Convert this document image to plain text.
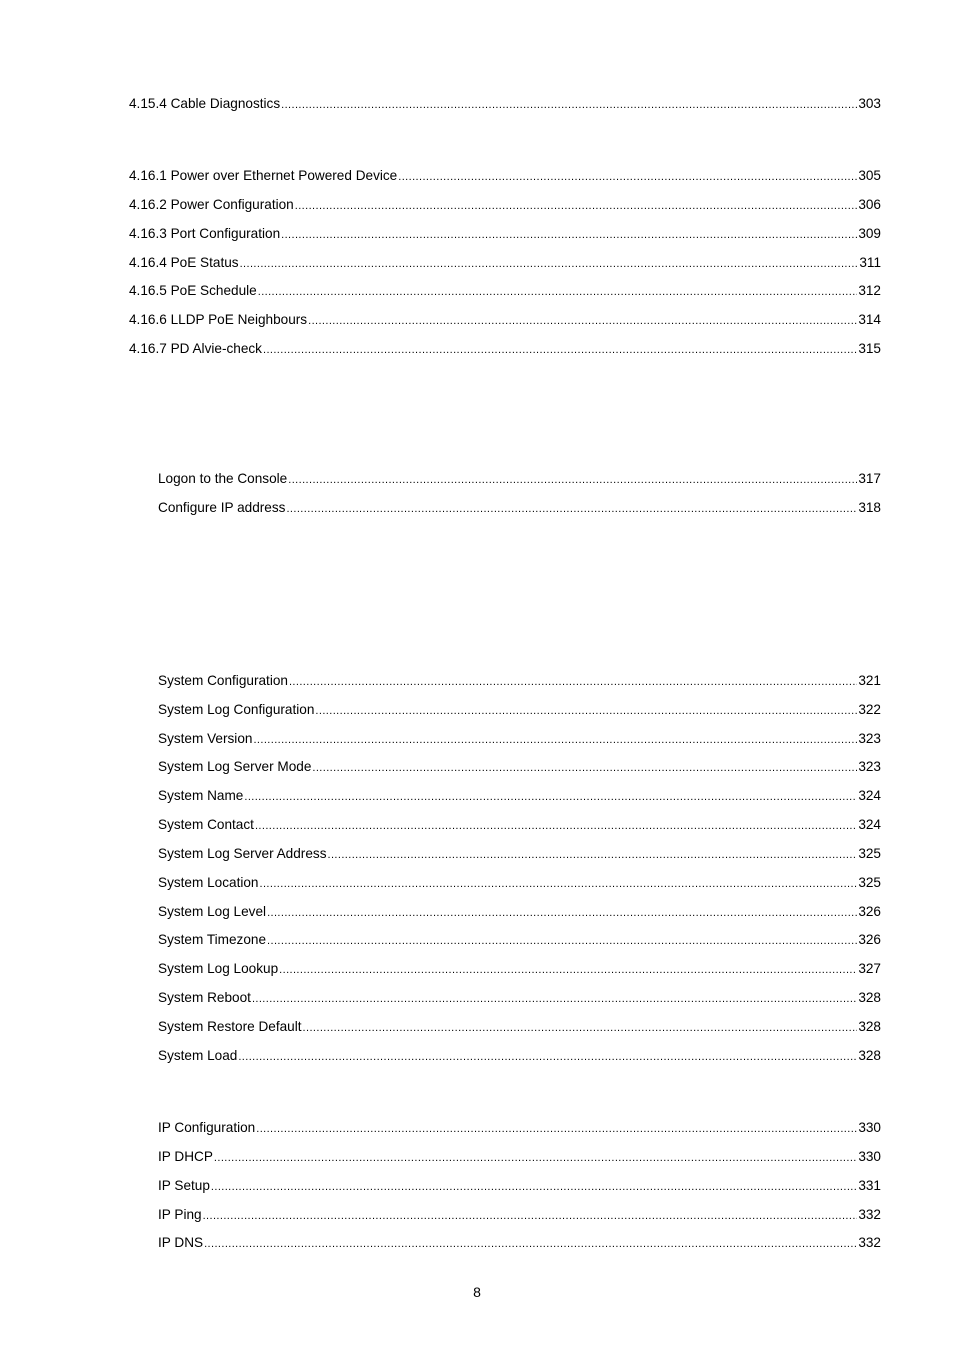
4.15.4 Cable Diagnostics .....	303
4.16.1 Power over Ethernet Powered Device .....	305
4.16.2 Power Configuration .....	306
4.16.3 Port Configuration .....	309
4.16.4 PoE Status .....	311
4.16.5 PoE Schedule .....	312
4.16.6 LLDP PoE Neighbours .....	314
4.16.7 PD Alvie-check .....	315
Logon to the Console .....	317
Configure IP address .....	318
System Configuration .....	321
System Log Configuration .....	322
System Version .....	323
System Log Server Mode .....	323
System Name .....	324
System Contact .....	324
System Log Server Address .....	325
System Location .....	325
System Log Level .....	326
System Timezone .....	326
System Log Lookup .....	327
System Reboot .....	328
System Restore Default .....	328
System Load .....	328
IP Configuration .....	330
IP DHCP .....	330
IP Setup .....	331
IP Ping .....	332
IP DNS .....	332
8
